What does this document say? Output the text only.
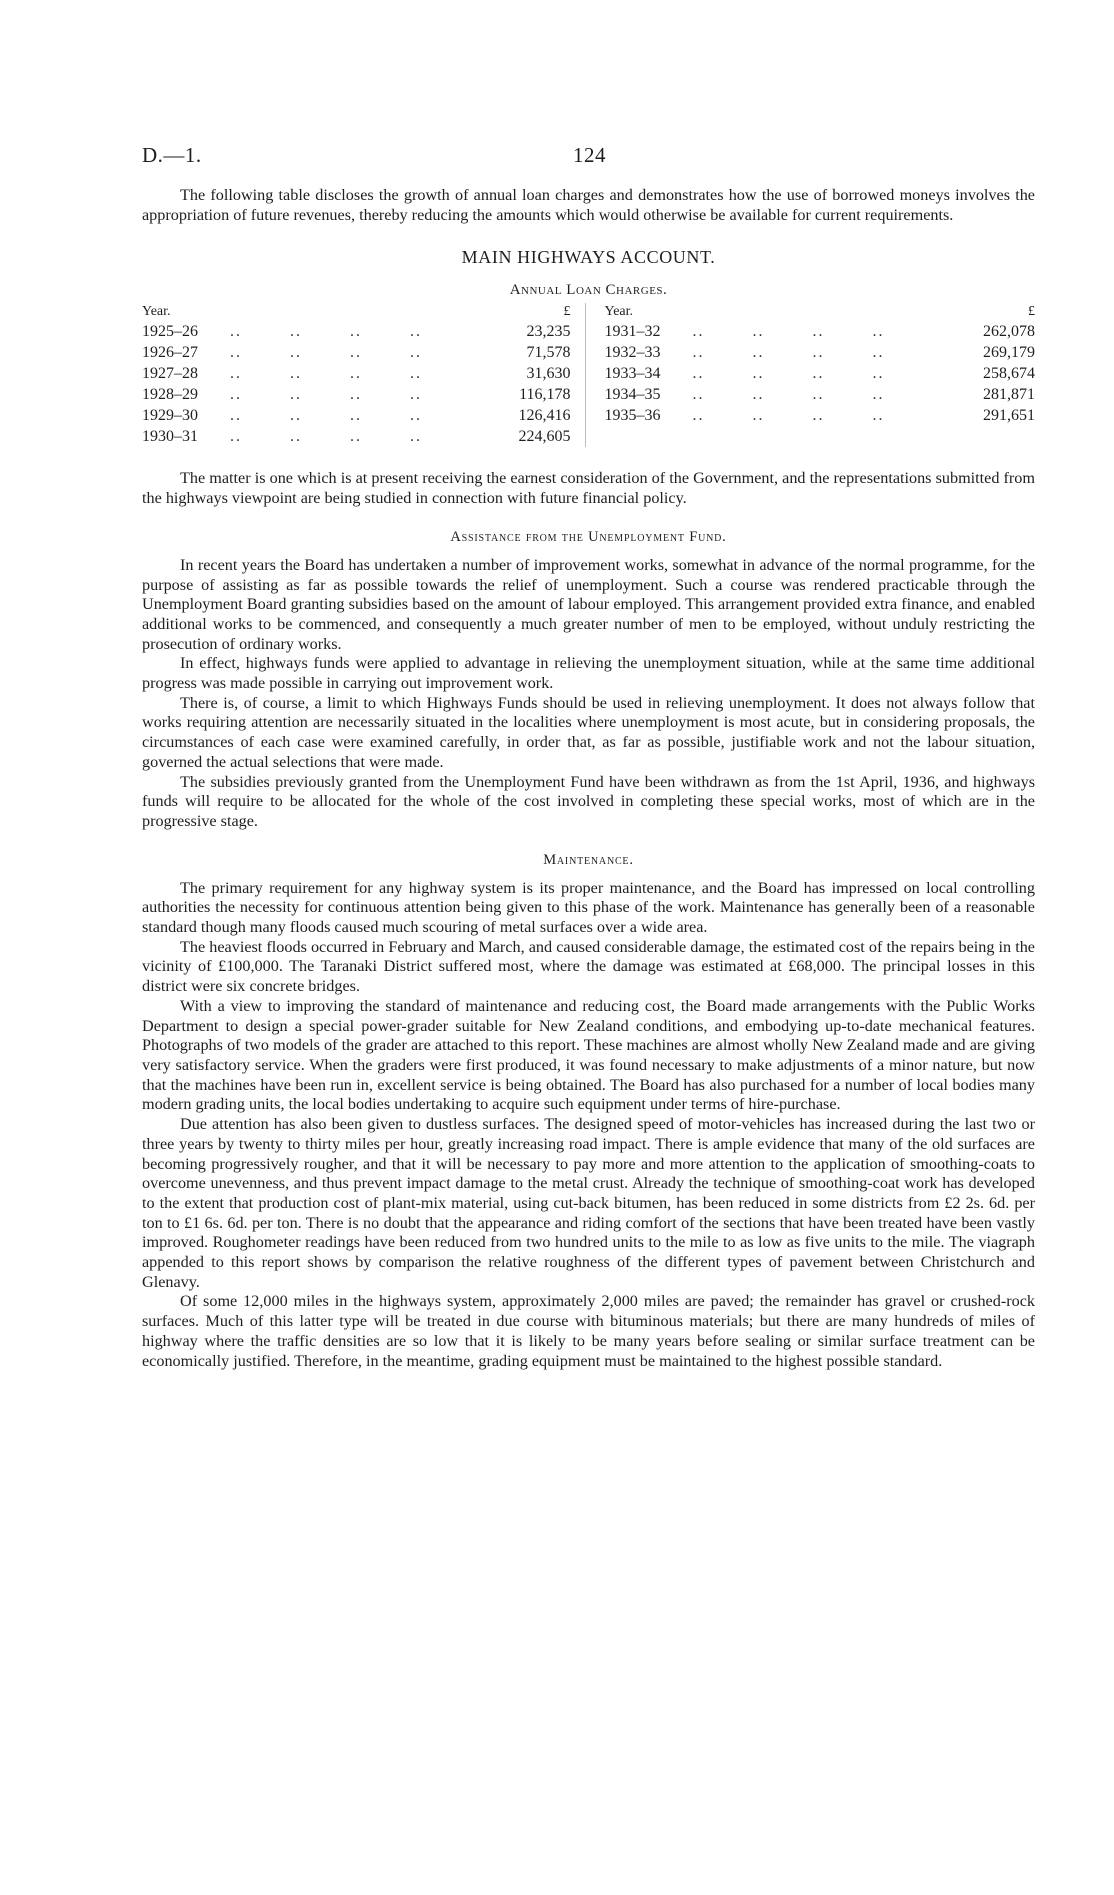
D.—1.	124

The following table discloses the growth of annual loan charges and demonstrates how the use of borrowed moneys involves the appropriation of future revenues, thereby reducing the amounts which would otherwise be available for current requirements.

MAIN HIGHWAYS ACCOUNT.
Annual Loan Charges.
Year.		£		Year.		£
1925–26	..        ..        ..        ..	23,235		1931–32	..        ..        ..        ..	262,078
1926–27	..        ..        ..        ..	71,578		1932–33	..        ..        ..        ..	269,179
1927–28	..        ..        ..        ..	31,630		1933–34	..        ..        ..        ..	258,674
1928–29	..        ..        ..        ..	116,178		1934–35	..        ..        ..        ..	281,871
1929–30	..        ..        ..        ..	126,416		1935–36	..        ..        ..        ..	291,651
1930–31	..        ..        ..        ..	224,605				

The matter is one which is at present receiving the earnest consideration of the Government, and the representations submitted from the highways viewpoint are being studied in connection with future financial policy.

Assistance from the Unemployment Fund.

In recent years the Board has undertaken a number of improvement works, somewhat in advance of the normal programme, for the purpose of assisting as far as possible towards the relief of unemployment. Such a course was rendered practicable through the Unemployment Board granting subsidies based on the amount of labour employed. This arrangement provided extra finance, and enabled additional works to be commenced, and consequently a much greater number of men to be employed, without unduly restricting the prosecution of ordinary works.

In effect, highways funds were applied to advantage in relieving the unemployment situation, while at the same time additional progress was made possible in carrying out improvement work.

There is, of course, a limit to which Highways Funds should be used in relieving unemployment. It does not always follow that works requiring attention are necessarily situated in the localities where unemployment is most acute, but in considering proposals, the circumstances of each case were examined carefully, in order that, as far as possible, justifiable work and not the labour situation, governed the actual selections that were made.

The subsidies previously granted from the Unemployment Fund have been withdrawn as from the 1st April, 1936, and highways funds will require to be allocated for the whole of the cost involved in completing these special works, most of which are in the progressive stage.

Maintenance.

The primary requirement for any highway system is its proper maintenance, and the Board has impressed on local controlling authorities the necessity for continuous attention being given to this phase of the work. Maintenance has generally been of a reasonable standard though many floods caused much scouring of metal surfaces over a wide area.

The heaviest floods occurred in February and March, and caused considerable damage, the estimated cost of the repairs being in the vicinity of £100,000. The Taranaki District suffered most, where the damage was estimated at £68,000. The principal losses in this district were six concrete bridges.

With a view to improving the standard of maintenance and reducing cost, the Board made arrangements with the Public Works Department to design a special power-grader suitable for New Zealand conditions, and embodying up-to-date mechanical features. Photographs of two models of the grader are attached to this report. These machines are almost wholly New Zealand made and are giving very satisfactory service. When the graders were first produced, it was found necessary to make adjustments of a minor nature, but now that the machines have been run in, excellent service is being obtained. The Board has also purchased for a number of local bodies many modern grading units, the local bodies undertaking to acquire such equipment under terms of hire-purchase.

Due attention has also been given to dustless surfaces. The designed speed of motor-vehicles has increased during the last two or three years by twenty to thirty miles per hour, greatly increasing road impact. There is ample evidence that many of the old surfaces are becoming progressively rougher, and that it will be necessary to pay more and more attention to the application of smoothing-coats to overcome unevenness, and thus prevent impact damage to the metal crust. Already the technique of smoothing-coat work has developed to the extent that production cost of plant-mix material, using cut-back bitumen, has been reduced in some districts from £2 2s. 6d. per ton to £1 6s. 6d. per ton. There is no doubt that the appearance and riding comfort of the sections that have been treated have been vastly improved. Roughometer readings have been reduced from two hundred units to the mile to as low as five units to the mile. The viagraph appended to this report shows by comparison the relative roughness of the different types of pavement between Christchurch and Glenavy.

Of some 12,000 miles in the highways system, approximately 2,000 miles are paved; the remainder has gravel or crushed-rock surfaces. Much of this latter type will be treated in due course with bituminous materials; but there are many hundreds of miles of highway where the traffic densities are so low that it is likely to be many years before sealing or similar surface treatment can be economically justified. Therefore, in the meantime, grading equipment must be maintained to the highest possible standard.
